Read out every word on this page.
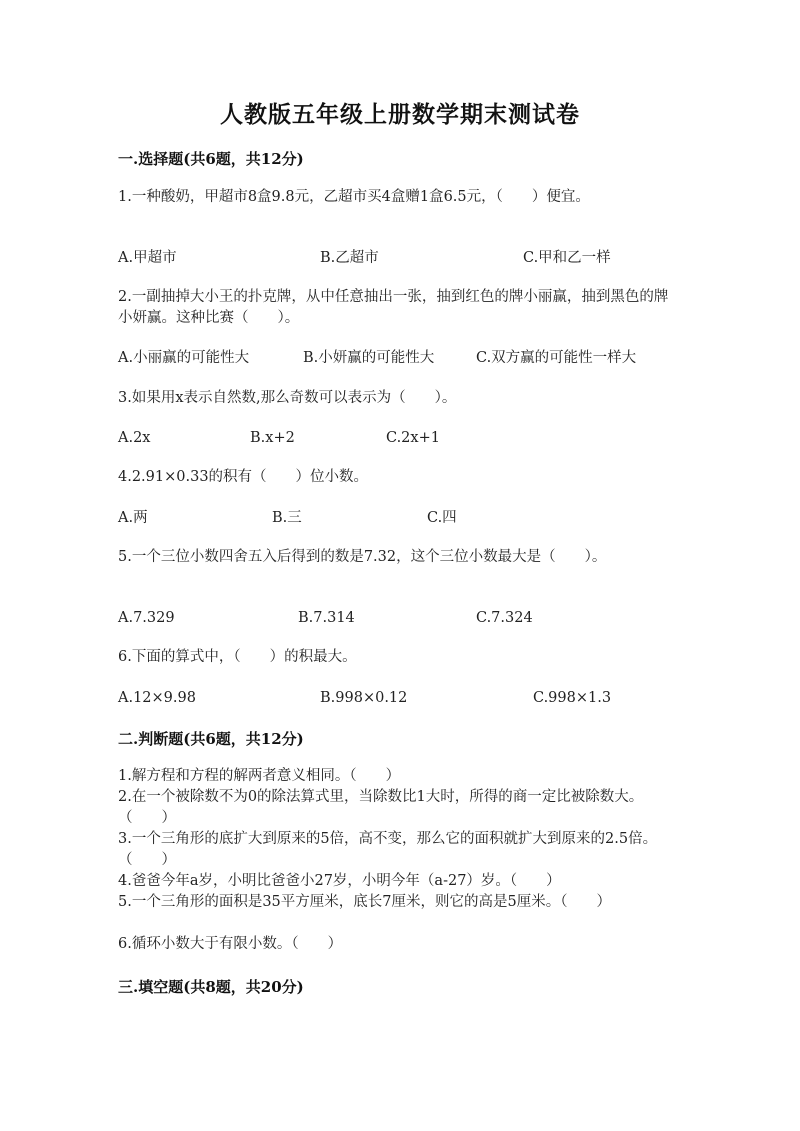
人教版五年级上册数学期末测试卷
一.选择题(共6题，共12分)
1.一种酸奶，甲超市8盒9.8元，乙超市买4盒赠1盒6.5元，（　　）便宜。
A.甲超市	B.乙超市	C.甲和乙一样
2.一副抽掉大小王的扑克牌，从中任意抽出一张，抽到红色的牌小丽赢，抽到黑色的牌小妍赢。这种比赛（　　）。
A.小丽赢的可能性大	B.小妍赢的可能性大	C.双方赢的可能性一样大
3.如果用x表示自然数,那么奇数可以表示为（　　）。
A.2x	B.x+2	C.2x+1
4.2.91×0.33的积有（　　）位小数。
A.两	B.三	C.四
5.一个三位小数四舍五入后得到的数是7.32，这个三位小数最大是（　　）。
A.7.329	B.7.314	C.7.324
6.下面的算式中，（　　）的积最大。
A.12×9.98	B.998×0.12	C.998×1.3
二.判断题(共6题，共12分)
1.解方程和方程的解两者意义相同。（　　）
2.在一个被除数不为0的除法算式里，当除数比1大时，所得的商一定比被除数大。（　　）
3.一个三角形的底扩大到原来的5倍，高不变，那么它的面积就扩大到原来的2.5倍。（　　）
4.爸爸今年a岁，小明比爸爸小27岁，小明今年（a-27）岁。（　　）
5.一个三角形的面积是35平方厘米，底长7厘米，则它的高是5厘米。（　　）
6.循环小数大于有限小数。（　　）
三.填空题(共8题，共20分)
